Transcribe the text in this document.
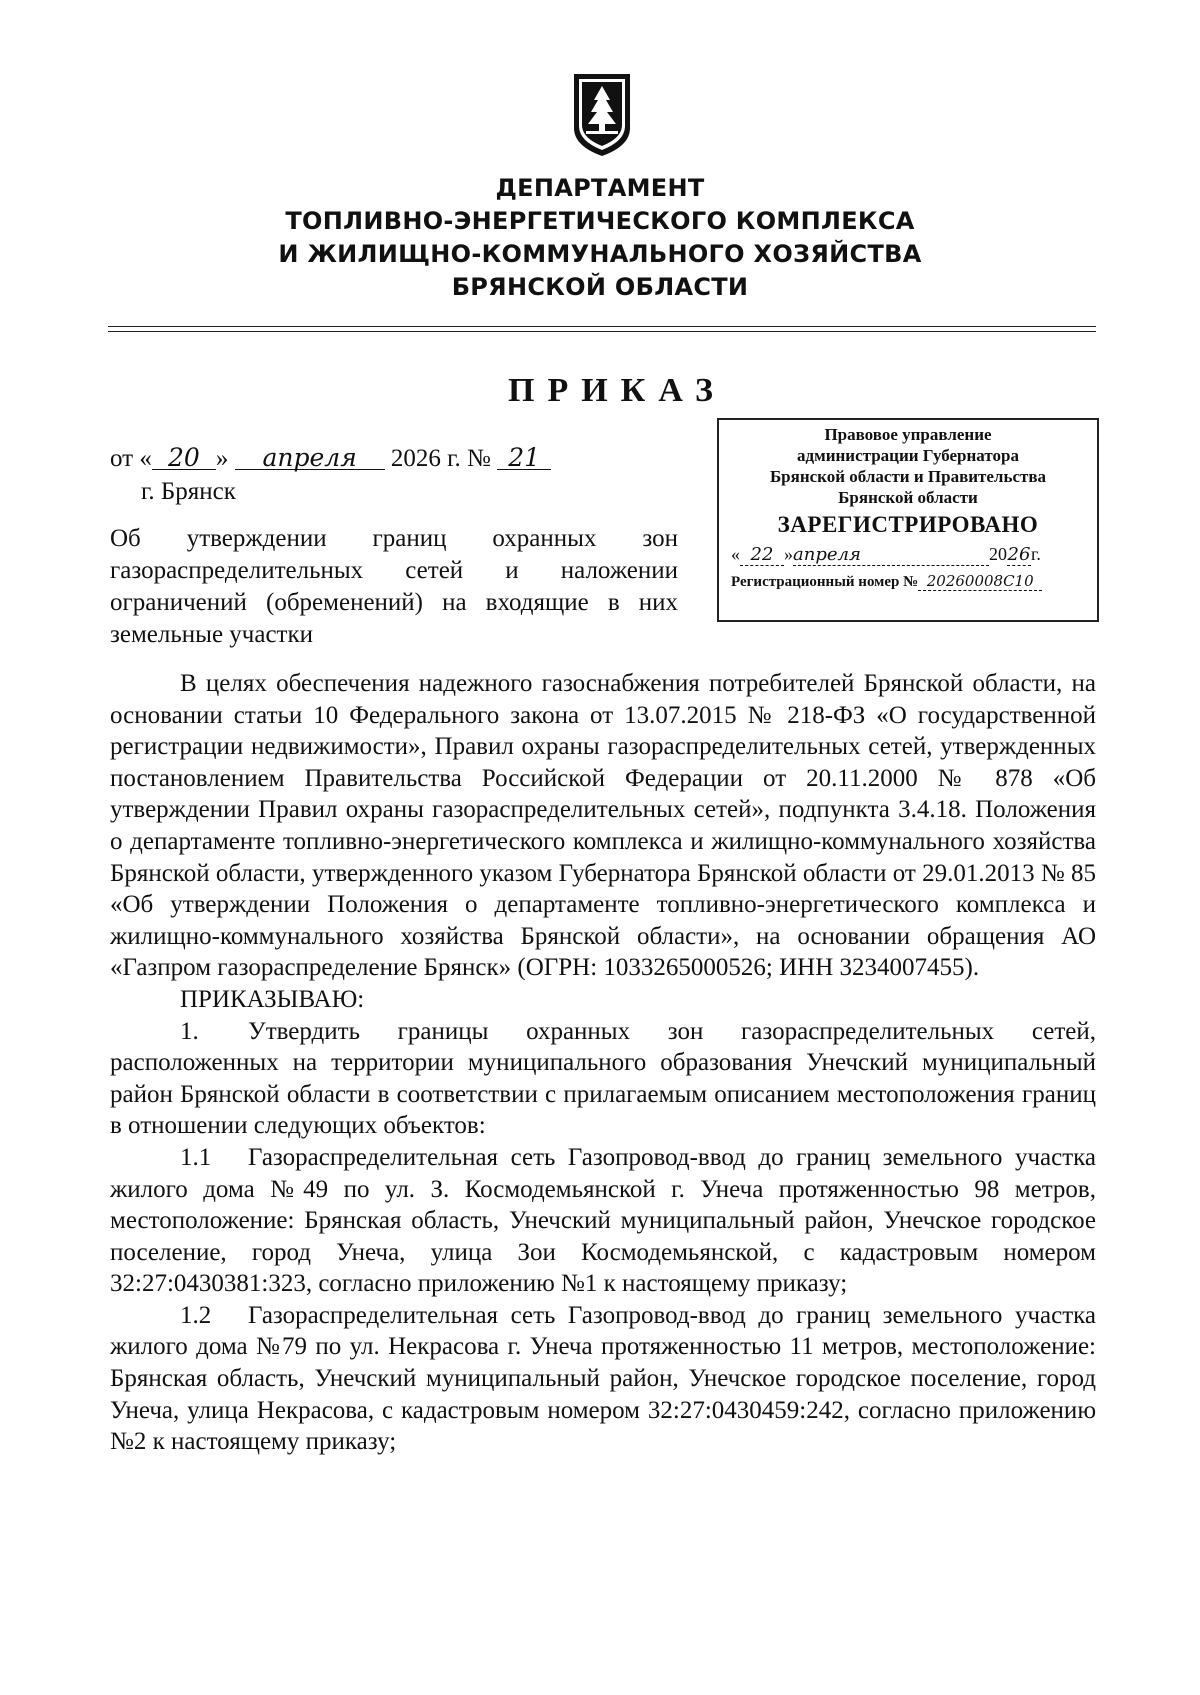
ДЕПАРТАМЕНТ
ТОПЛИВНО-ЭНЕРГЕТИЧЕСКОГО КОМПЛЕКСА
И ЖИЛИЩНО-КОММУНАЛЬНОГО ХОЗЯЙСТВА
БРЯНСКОЙ ОБЛАСТИ
ПРИКАЗ
от « 20 » апреля 2026 г. № 21
г. Брянск
Правовое управление
администрации Губернатора
Брянской области и Правительства
Брянской области
ЗАРЕГИСТРИРОВАНО
« 22 »апреля	2026г.
Регистрационный номер № 20260008С10
Об утверждении границ охранных зон газораспределительных сетей и наложении ограничений (обременений) на входящие в них земельные участки

В целях обеспечения надежного газоснабжения потребителей Брянской области, на основании статьи 10 Федерального закона от 13.07.2015 № 218-ФЗ «О государственной регистрации недвижимости», Правил охраны газораспределительных сетей, утвержденных постановлением Правительства Российской Федерации от 20.11.2000 № 878 «Об утверждении Правил охраны газораспределительных сетей», подпункта 3.4.18. Положения о департаменте топливно-энергетического комплекса и жилищно-коммунального хозяйства Брянской области, утвержденного указом Губернатора Брянской области от 29.01.2013 № 85 «Об утверждении Положения о департаменте топливно-энергетического комплекса и жилищно-коммунального хозяйства Брянской области», на основании обращения АО «Газпром газораспределение Брянск» (ОГРН: 1033265000526; ИНН 3234007455).

ПРИКАЗЫВАЮ:

1. Утвердить границы охранных зон газораспределительных сетей, расположенных на территории муниципального образования Унечский муниципальный район Брянской области в соответствии с прилагаемым описанием местоположения границ в отношении следующих объектов:

1.1 Газораспределительная сеть Газопровод-ввод до границ земельного участка жилого дома №49 по ул. З. Космодемьянской г. Унеча протяженностью 98 метров, местоположение: Брянская область, Унечский муниципальный район, Унечское городское поселение, город Унеча, улица Зои Космодемьянской, с кадастровым номером 32:27:0430381:323, согласно приложению №1 к настоящему приказу;

1.2 Газораспределительная сеть Газопровод-ввод до границ земельного участка жилого дома №79 по ул. Некрасова г. Унеча протяженностью 11 метров, местоположение: Брянская область, Унечский муниципальный район, Унечское городское поселение, город Унеча, улица Некрасова, с кадастровым номером 32:27:0430459:242, согласно приложению №2 к настоящему приказу;
